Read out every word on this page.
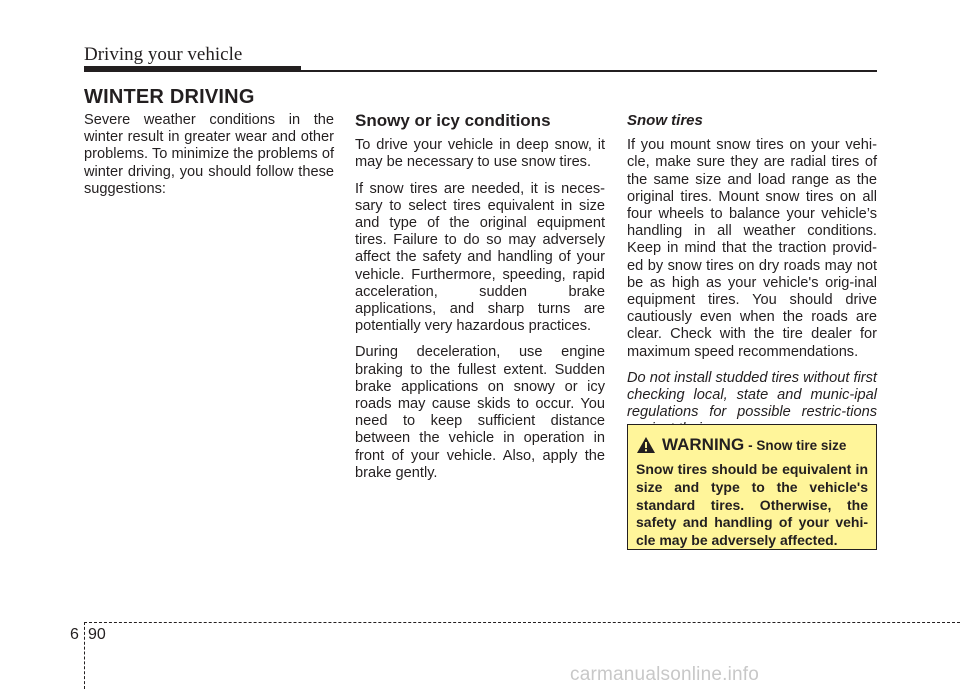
Driving your vehicle
WINTER DRIVING

Severe weather conditions in the winter result in greater wear and other problems. To minimize the problems of winter driving, you should follow these suggestions:

Snowy or icy conditions

To drive your vehicle in deep snow, it may be necessary to use snow tires.

If snow tires are needed, it is neces-sary to select tires equivalent in size and type of the original equipment tires. Failure to do so may adversely affect the safety and handling of your vehicle. Furthermore, speeding, rapid acceleration, sudden brake applications, and sharp turns are potentially very hazardous practices.

During deceleration, use engine braking to the fullest extent. Sudden brake applications on snowy or icy roads may cause skids to occur. You need to keep sufficient distance between the vehicle in operation in front of your vehicle. Also, apply the brake gently.

Snow tires

If you mount snow tires on your vehi-cle, make sure they are radial tires of the same size and load range as the original tires. Mount snow tires on all four wheels to balance your vehicle’s handling in all weather conditions. Keep in mind that the traction provid-ed by snow tires on dry roads may not be as high as your vehicle's orig-inal equipment tires. You should drive cautiously even when the roads are clear. Check with the tire dealer for maximum speed recommendations.

Do not install studded tires without first checking local, state and munic-ipal regulations for possible restric-tions

WARNING - Snow tire size
Snow tires should be equivalent in size and type to the vehicle's standard tires. Otherwise, the safety and handling of your vehi-cle may be adversely affected.
6 90
carmanualsonline.info
